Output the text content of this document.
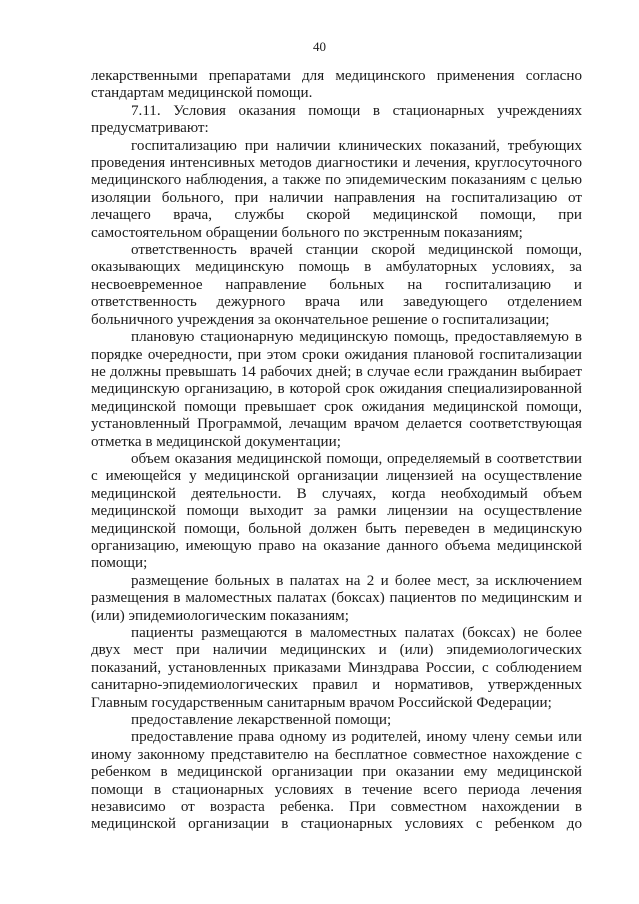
40
лекарственными препаратами для медицинского применения согласно
стандартам медицинской помощи.
7.11. Условия оказания помощи в стационарных учреждениях
предусматривают:
госпитализацию при наличии клинических показаний, требующих
проведения интенсивных методов диагностики и лечения, круглосуточного
медицинского наблюдения, а также по эпидемическим показаниям с целью
изоляции больного, при наличии направления на госпитализацию от
лечащего врача, службы скорой медицинской помощи, при
самостоятельном обращении больного по экстренным показаниям;
ответственность врачей станции скорой медицинской помощи,
оказывающих медицинскую помощь в амбулаторных условиях, за
несвоевременное направление больных на госпитализацию и
ответственность дежурного врача или заведующего отделением
больничного учреждения за окончательное решение о госпитализации;
плановую стационарную медицинскую помощь, предоставляемую в
порядке очередности, при этом сроки ожидания плановой госпитализации
не должны превышать 14 рабочих дней; в случае если гражданин выбирает
медицинскую организацию, в которой срок ожидания специализированной
медицинской помощи превышает срок ожидания медицинской помощи,
установленный Программой, лечащим врачом делается соответствующая
отметка в медицинской документации;
объем оказания медицинской помощи, определяемый в соответствии
с имеющейся у медицинской организации лицензией на осуществление
медицинской деятельности. В случаях, когда необходимый объем
медицинской помощи выходит за рамки лицензии на осуществление
медицинской помощи, больной должен быть переведен в медицинскую
организацию, имеющую право на оказание данного объема медицинской
помощи;
размещение больных в палатах на 2 и более мест, за исключением
размещения в маломестных палатах (боксах) пациентов по медицинским и
(или) эпидемиологическим показаниям;
пациенты размещаются в маломестных палатах (боксах) не более
двух мест при наличии медицинских и (или) эпидемиологических
показаний, установленных приказами Минздрава России, с соблюдением
санитарно-эпидемиологических правил и нормативов, утвержденных
Главным государственным санитарным врачом Российской Федерации;
предоставление лекарственной помощи;
предоставление права одному из родителей, иному члену семьи или
иному законному представителю на бесплатное совместное нахождение с
ребенком в медицинской организации при оказании ему медицинской
помощи в стационарных условиях в течение всего периода лечения
независимо от возраста ребенка. При совместном нахождении в
медицинской организации в стационарных условиях с ребенком до
